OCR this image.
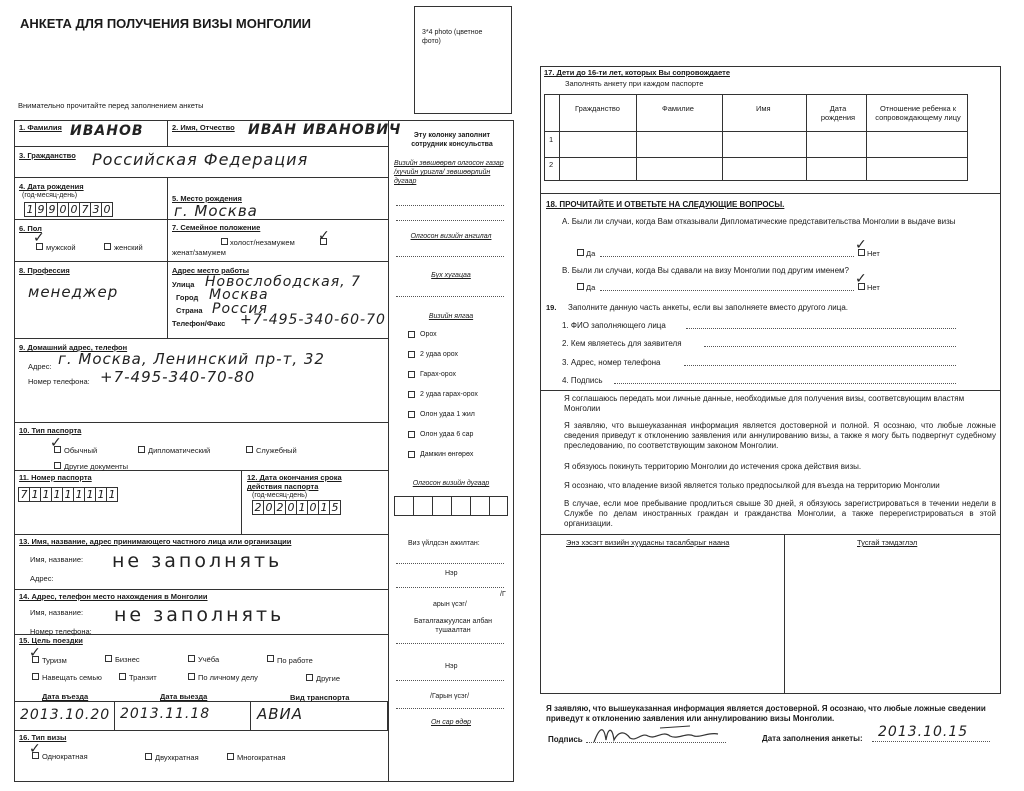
АНКЕТА ДЛЯ ПОЛУЧЕНИЯ ВИЗЫ МОНГОЛИИ
3*4 photo (цветное фото)
Внимательно прочитайте перед заполнением анкеты
1. Фамилия ИВАНОВ	2. Имя, Отчество ИВАН ИВАНОВИЧ
3. Гражданство Российская Федерация
4. Дата рождения
(год-месяц-день)
1 9 9 0 0 7 3 0
5. Место рождения
г. Москва
6. Пол
✓
мужской	женский
7. Семейное положение
холост/незамужем ✓
женат/замужем
8. Профессия
менеджер
Адрес место работы
Улица Новослободская, 7
Город Москва
Страна Россия
Телефон/Факс +7-495-340-60-70
9. Домашний адрес, телефон
Адрес: г. Москва, Ленинский пр-т, 32
Номер телефона: +7-495-340-70-80
10. Тип паспорта
✓ Обычный	Дипломатический	Служебный
Другие документы
11. Номер паспорта
7 1 1 1 1 1 1 1 1
12. Дата окончания срока действия паспорта
(год-месяц-день)
2 0 2 0 1 0 1 5
13. Имя, название, адрес принимающего частного лица или организации
Имя, название:
Адрес:
не заполнять
14. Адрес, телефон место нахождения в Монголии
Имя, название:
Номер телефона:
не заполнять
15. Цель поездки
✓ Туризм	Бизнес	Учёба	По работе
Навещать семью	Транзит	По личному делу	Другие
Дата въезда	Дата выезда	Вид транспорта
2013.10.20 2013.11.18	АВИА
16. Тип визы
✓ Однократная	Двухкратная	Многократная
Эту колонку заполнит сотрудник консульства
Визийн зөвшөөрөл олгосон газар /хүчийн уригла/ зөвшөөрлийн дугаар
Олгосон визийн ангилал
Бүх хугацаа
Визийн ялгаа
Орох
2 удаа орох
Гарах-орох
2 удаа гарах-орох
Олон удаа 1 жил
Олон удаа 6 сар
Дамжин өнгөрөх
Олгосон визийн дугаар
Виз үйлдсэн ажилтан:
Нэр
/Г
арын үсэг/
Баталгаажуулсан албан тушаалтан
Нэр
/Гарын үсэг/
Он сар өдөр
17. Дети до 16-ти лет, которых Вы сопровождаете
Заполнять анкету при каждом паспорте
Гражданство	Фамилие	Имя	Дата рождения
Отношение ребенка к сопровождающему лицу
1
2
18. ПРОЧИТАЙТЕ И ОТВЕТЬТЕ НА СЛЕДУЮЩИЕ ВОПРОСЫ.
А. Были ли случаи, когда Вам отказывали Дипломатические представительства Монголии в выдаче визы
Да
✓
Нет
В. Были ли случаи, когда Вы сдавали на визу Монголии под другим именем?
Да
✓
Нет
19. Заполните данную часть анкеты, если вы заполняете вместо другого лица.
1. ФИО заполняющего лица
2. Кем являетесь для заявителя
3. Адрес, номер телефона
4. Подпись
Я соглашаюсь передать мои личные данные, необходимые для получения визы, соответсвующим властям Монголии
Я заявляю, что вышеуказанная информация является достоверной и полной. Я осознаю, что любые ложные сведения приведут к отклонению заявления или аннулированию визы, а также я могу быть подвергнут судебному преследованию, по соответствующим законом Монголии.
Я обязуюсь покинуть территорию Монголии до истечения срока действия визы.
Я осознаю, что владение визой является только предпосылкой для въезда на территорию Монголии
В случае, если мое пребывание продлиться свыше 30 дней, я обязуюсь зарегистрироваться в течении недели в Службе по делам иностранных граждан и гражданства Монголии, а также перерегистрироваться в этой организации.
Энэ хэсэгт визийн хуудасны тасалбарыг наана	Тусгай тэмдэглэл
Я заявляю, что вышеуказанная информация является достоверной. Я осознаю, что любые ложные сведении приведут к отклонению заявления или аннулированию визы Монголии.
Подпись	Дата заполнения анкеты: 2013.10.15
